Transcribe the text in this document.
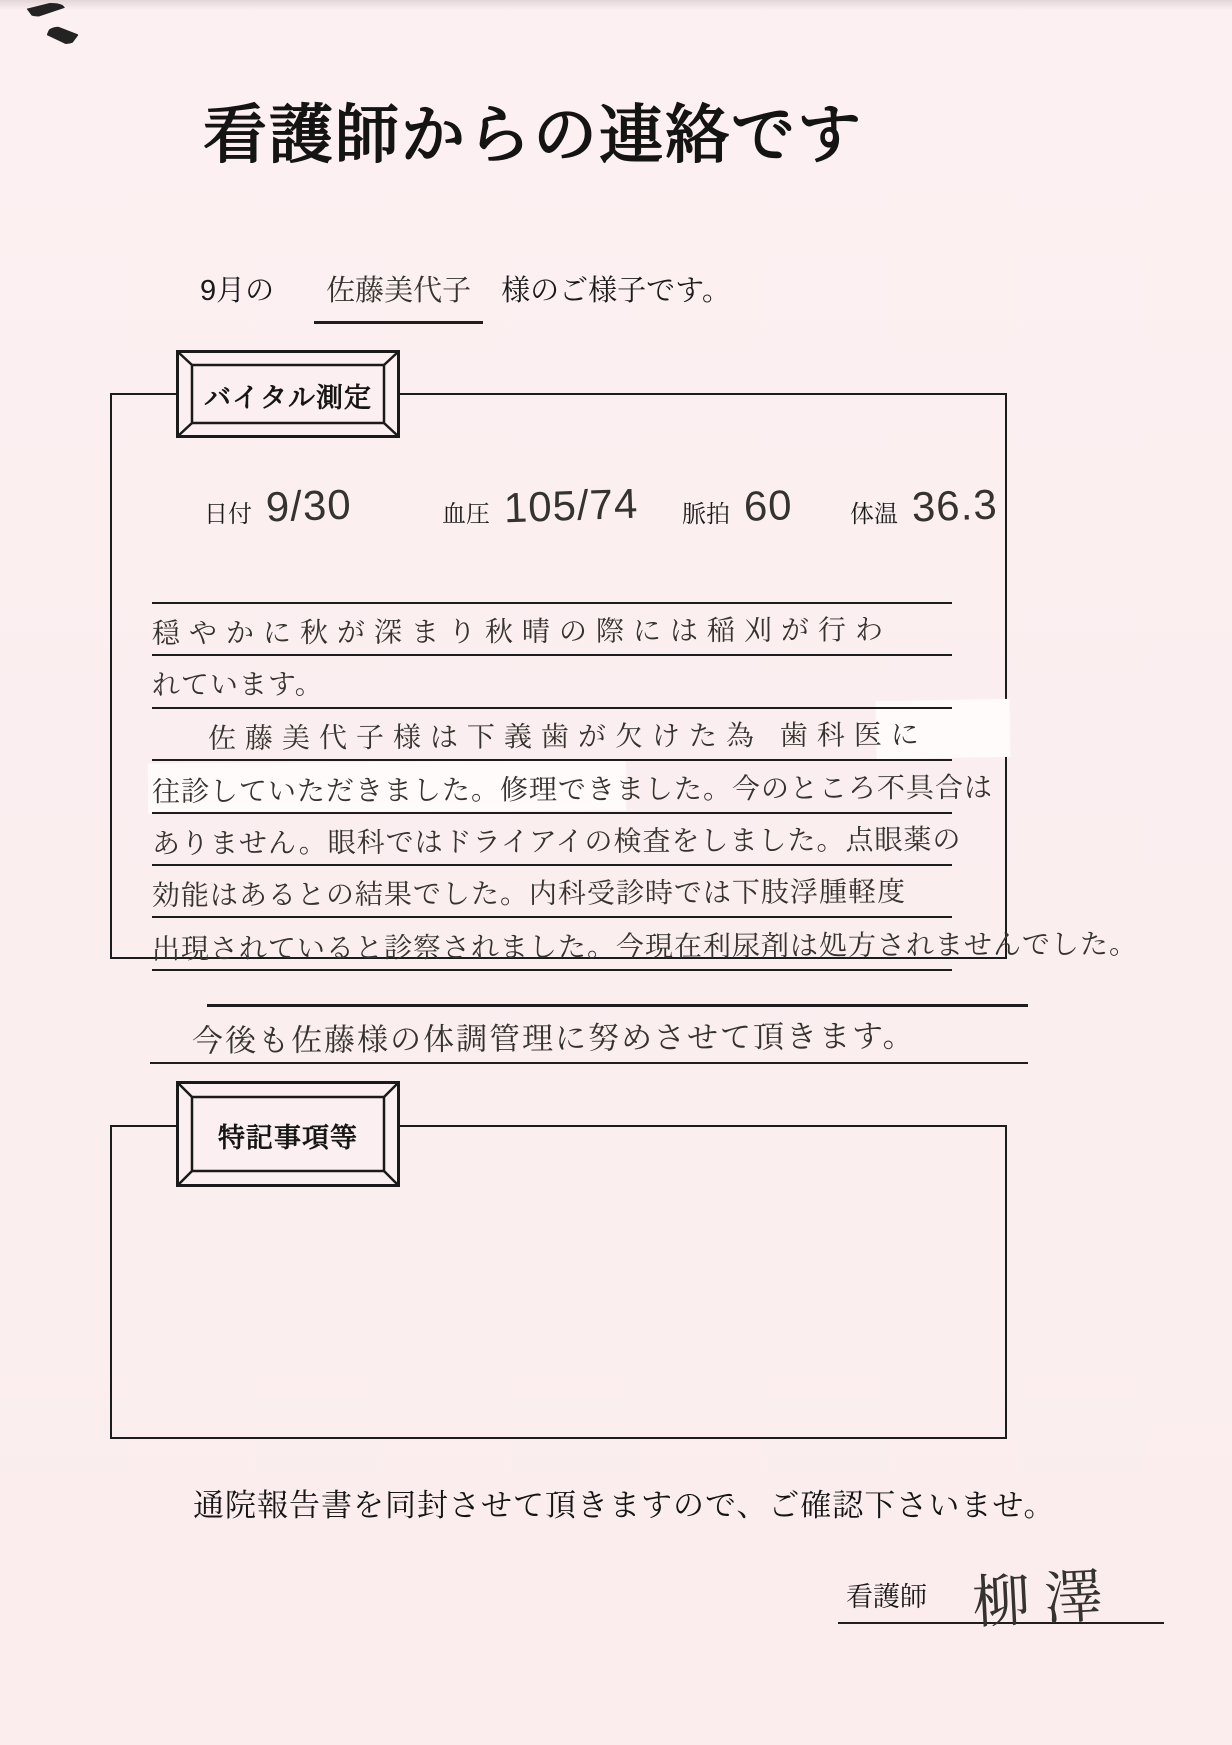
看護師からの連絡です
9月の 佐藤美代子 様のご様子です。
日付 9/30	血圧 105/74 脈拍 60 体温 36.3
穏やかに秋が深まり秋晴の際には稲刈が行わ
れています。
佐藤美代子様は下義歯が欠けた為 歯科医に
往診していただきました。修理できました。今のところ不具合は
ありません。眼科ではドライアイの検査をしました。点眼薬の
効能はあるとの結果でした。内科受診時では下肢浮腫軽度
出現されていると診察されました。今現在利尿剤は処方されませんでした。
バイタル測定
今後も佐藤様の体調管理に努めさせて頂きます。
特記事項等

通院報告書を同封させて頂きますので、ご確認下さいませ。

看護師 柳澤
